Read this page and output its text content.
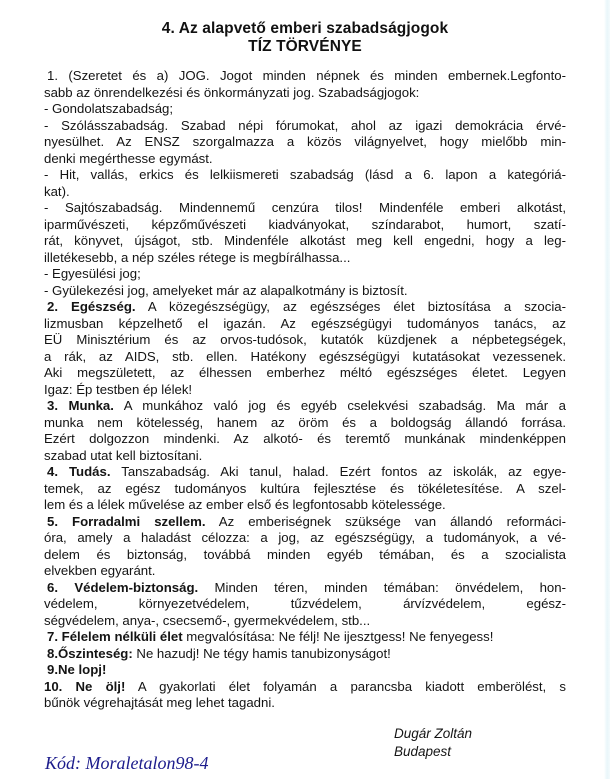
4. Az alapvető emberi szabadságjogok
TÍZ TÖRVÉNYE
1. (Szeretet és a) JOG. Jogot minden népnek és minden embernek.Legfonto-
sabb az önrendelkezési és önkormányzati jog. Szabadságjogok:
- Gondolatszabadság;
- Szólásszabadság. Szabad népi fórumokat, ahol az igazi demokrácia érvé-
nyesülhet. Az ENSZ szorgalmazza a közös világnyelvet, hogy mielőbb min-
denki megérthesse egymást.
- Hit, vallás, erkics és lelkiismereti szabadság (lásd a 6. lapon a kategóriá-
kat).
- Sajtószabadság. Mindennemű cenzúra tilos! Mindenféle emberi alkotást,
iparművészeti, képzőművészeti kiadványokat, színdarabot, humort, szatí-
rát, könyvet, újságot, stb. Mindenféle alkotást meg kell engedni, hogy a leg-
illetékesebb, a nép széles rétege is megbírálhassa...
- Egyesülési jog;
- Gyülekezési jog, amelyeket már az alapalkotmány is biztosít.
2. Egészség. A közegészségügy, az egészséges élet biztosítása a szocia-
lizmusban képzelhető el igazán. Az egészségügyi tudományos tanács, az
EÜ Minisztérium és az orvos-tudósok, kutatók küzdjenek a népbetegségek,
a rák, az AIDS, stb. ellen. Hatékony egészségügyi kutatásokat vezessenek.
Aki megszületett, az élhessen emberhez méltó egészséges életet. Legyen
Igaz: Ép testben ép lélek!
3. Munka. A munkához való jog és egyéb cselekvési szabadság. Ma már a
munka nem kötelesség, hanem az öröm és a boldogság állandó forrása.
Ezért dolgozzon mindenki. Az alkotó- és teremtő munkának mindenképpen
szabad utat kell biztosítani.
4. Tudás. Tanszabadság. Aki tanul, halad. Ezért fontos az iskolák, az egye-
temek, az egész tudományos kultúra fejlesztése és tökéletesítése. A szel-
lem és a lélek művelése az ember első és legfontosabb kötelessége.
5. Forradalmi szellem. Az emberiségnek szüksége van állandó reformáci-
óra, amely a haladást célozza: a jog, az egészségügy, a tudományok, a vé-
delem és biztonság, továbbá minden egyéb témában, és a szocialista
elvekben egyaránt.
6. Védelem-biztonság. Minden téren, minden témában: önvédelem, hon-
védelem, környezetvédelem, tűzvédelem, árvízvédelem, egész-
ségvédelem, anya-, csecsemő-, gyermekvédelem, stb...
7. Félelem nélküli élet megvalósítása: Ne félj! Ne ijesztgess! Ne fenyegess!
8.Őszinteség: Ne hazudj! Ne tégy hamis tanubizonyságot!
9.Ne lopj!
10. Ne ölj! A gyakorlati élet folyamán a parancsba kiadott emberölést, s
bűnök végrehajtását meg lehet tagadni.
Dugár Zoltán
Budapest
Kód: Moraletalon98-4
